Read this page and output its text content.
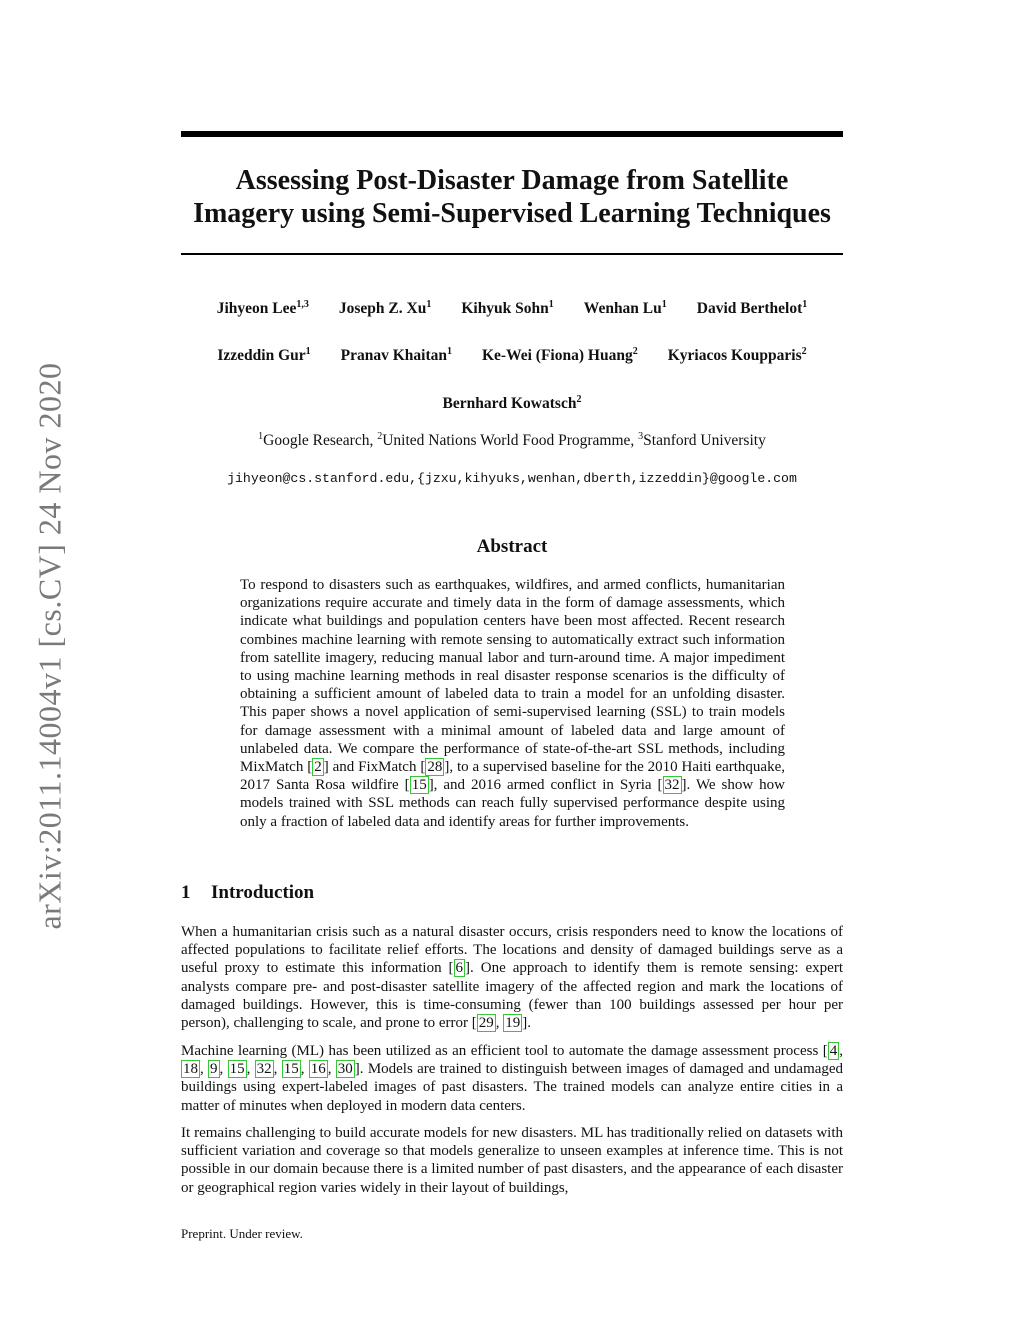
arXiv:2011.14004v1 [cs.CV] 24 Nov 2020
Assessing Post-Disaster Damage from Satellite
Imagery using Semi-Supervised Learning Techniques
Jihyeon Lee$^{1,3}$ Joseph Z. Xu$^1$ Kihyuk Sohn$^1$ Wenhan Lu$^1$ David Berthelot$^1$
Izzeddin Gur$^1$ Pranav Khaitan$^1$ Ke-Wei (Fiona) Huang$^2$ Kyriacos Koupparis$^2$
Bernhard Kowatsch$^2$
$^1$Google Research, $^2$United Nations World Food Programme, $^3$Stanford University
jihyeon@cs.stanford.edu,{jzxu,kihyuks,wenhan,dberth,izzeddin}@google.com
Abstract

To respond to disasters such as earthquakes, wildfires, and armed conflicts, humanitarian organizations require accurate and timely data in the form of damage assessments, which indicate what buildings and population centers have been most affected. Recent research combines machine learning with remote sensing to automatically extract such information from satellite imagery, reducing manual labor and turn-around time. A major impediment to using machine learning methods in real disaster response scenarios is the difficulty of obtaining a sufficient amount of labeled data to train a model for an unfolding disaster. This paper shows a novel application of semi-supervised learning (SSL) to train models for damage assessment with a minimal amount of labeled data and large amount of unlabeled data. We compare the performance of state-of-the-art SSL methods, including MixMatch [ 2 ] and FixMatch [ 28 ], to a supervised baseline for the 2010 Haiti earthquake, 2017 Santa Rosa wildfire [ 15 ], and 2016 armed conflict in Syria [ 32 ]. We show how models trained with SSL methods can reach fully supervised performance despite using only a fraction of labeled data and identify areas for further improvements.

1 Introduction

When a humanitarian crisis such as a natural disaster occurs, crisis responders need to know the locations of affected populations to facilitate relief efforts. The locations and density of damaged buildings serve as a useful proxy to estimate this information [ 6 ]. One approach to identify them is remote sensing: expert analysts compare pre- and post-disaster satellite imagery of the affected region and mark the locations of damaged buildings. However, this is time-consuming (fewer than 100 buildings assessed per hour per person), challenging to scale, and prone to error [ 29 , 19 ].

Machine learning (ML) has been utilized as an efficient tool to automate the damage assessment process [ 4 , 18 , 9 , 15 , 32 , 15 , 16 , 30 ]. Models are trained to distinguish between images of damaged and undamaged buildings using expert-labeled images of past disasters. The trained models can analyze entire cities in a matter of minutes when deployed in modern data centers.

It remains challenging to build accurate models for new disasters. ML has traditionally relied on datasets with sufficient variation and coverage so that models generalize to unseen examples at inference time. This is not possible in our domain because there is a limited number of past disasters, and the appearance of each disaster or geographical region varies widely in their layout of buildings,

Preprint. Under review.
